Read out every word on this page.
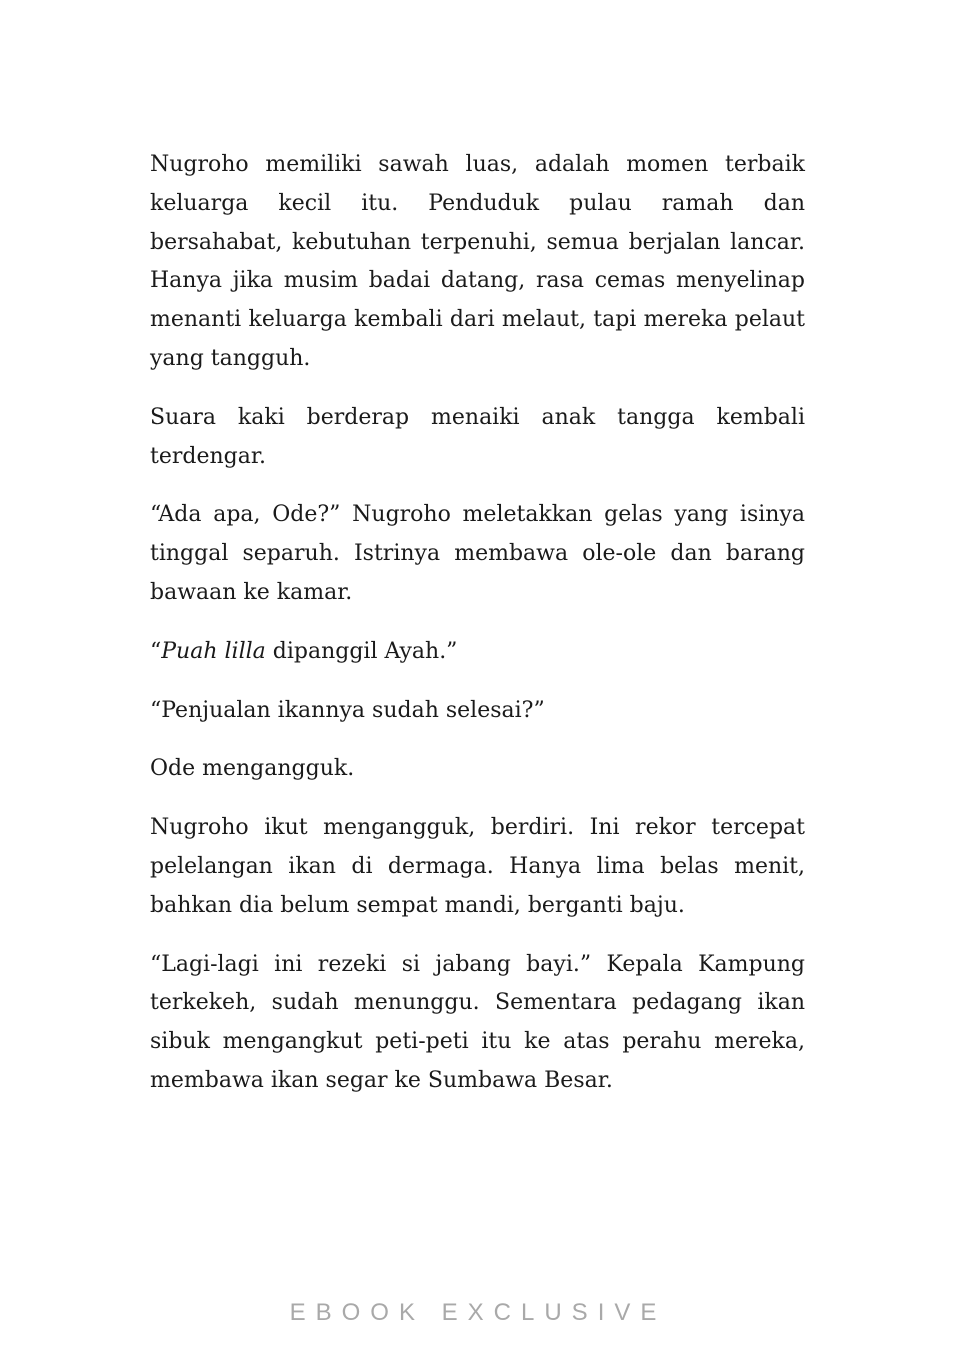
Nugroho memiliki sawah luas, adalah momen terbaik keluarga kecil itu. Penduduk pulau ramah dan bersahabat, kebutuhan terpenuhi, semua berjalan lancar. Hanya jika musim badai datang, rasa cemas menyelinap menanti keluarga kembali dari melaut, tapi mereka pelaut yang tangguh.

Suara kaki berderap menaiki anak tangga kembali terdengar.

“Ada apa, Ode?” Nugroho meletakkan gelas yang isinya tinggal separuh. Istrinya membawa ole-ole dan barang bawaan ke kamar.

“Puah lilla dipanggil Ayah.”

“Penjualan ikannya sudah selesai?”

Ode mengangguk.

Nugroho ikut mengangguk, berdiri. Ini rekor tercepat pelelangan ikan di dermaga. Hanya lima belas menit, bahkan dia belum sempat mandi, berganti baju.

“Lagi-lagi ini rezeki si jabang bayi.” Kepala Kampung terkekeh, sudah menunggu. Sementara pedagang ikan sibuk mengangkut peti-peti itu ke atas perahu mereka, membawa ikan segar ke Sumbawa Besar.

EBOOK EXCLUSIVE
